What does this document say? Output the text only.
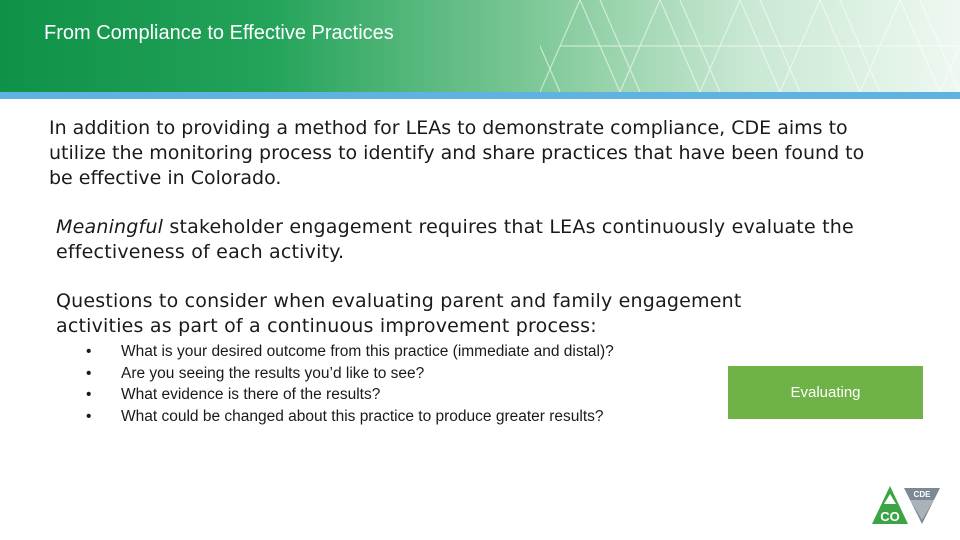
From Compliance to Effective Practices
In addition to providing a method for LEAs to demonstrate compliance, CDE aims to utilize the monitoring process to identify and share practices that have been found to be effective in Colorado.
Meaningful stakeholder engagement requires that LEAs continuously evaluate the effectiveness of each activity.
Questions to consider when evaluating parent and family engagement activities as part of a continuous improvement process:
• What is your desired outcome from this practice (immediate and distal)?
• Are you seeing the results you’d like to see?
• What evidence is there of the results?
• What could be changed about this practice to produce greater results?
Evaluating
CO
CDE
